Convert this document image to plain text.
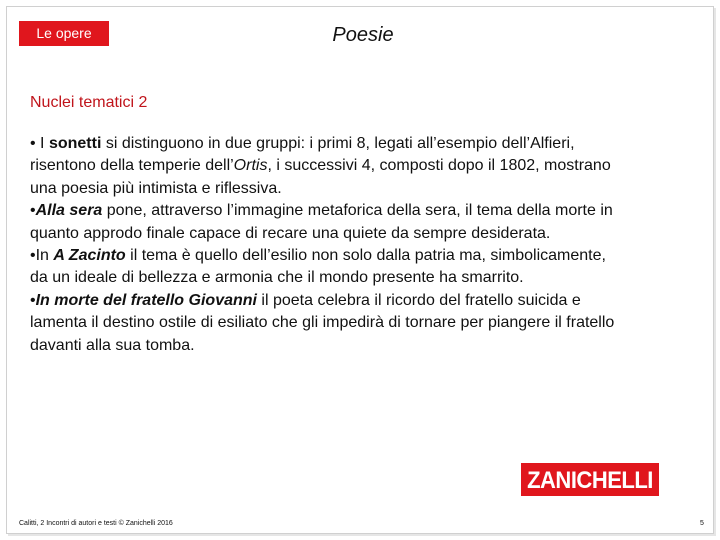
Le opere	Poesie
Nuclei tematici 2
• I sonetti si distinguono in due gruppi: i primi 8, legati all’esempio dell’Alfieri,
risentono della temperie dell’Ortis, i successivi 4, composti dopo il 1802, mostrano
una poesia più intimista e riflessiva.
•Alla sera pone, attraverso l’immagine metaforica della sera, il tema della morte in
quanto approdo finale capace di recare una quiete da sempre desiderata.
•In A Zacinto il tema è quello dell’esilio non solo dalla patria ma, simbolicamente,
da un ideale di bellezza e armonia che il mondo presente ha smarrito.
•In morte del fratello Giovanni il poeta celebra il ricordo del fratello suicida e
lamenta il destino ostile di esiliato che gli impedirà di tornare per piangere il fratello
davanti alla sua tomba.
ZANICHELLI
Calitti, 2 Incontri di autori e testi © Zanichelli 2016	5
